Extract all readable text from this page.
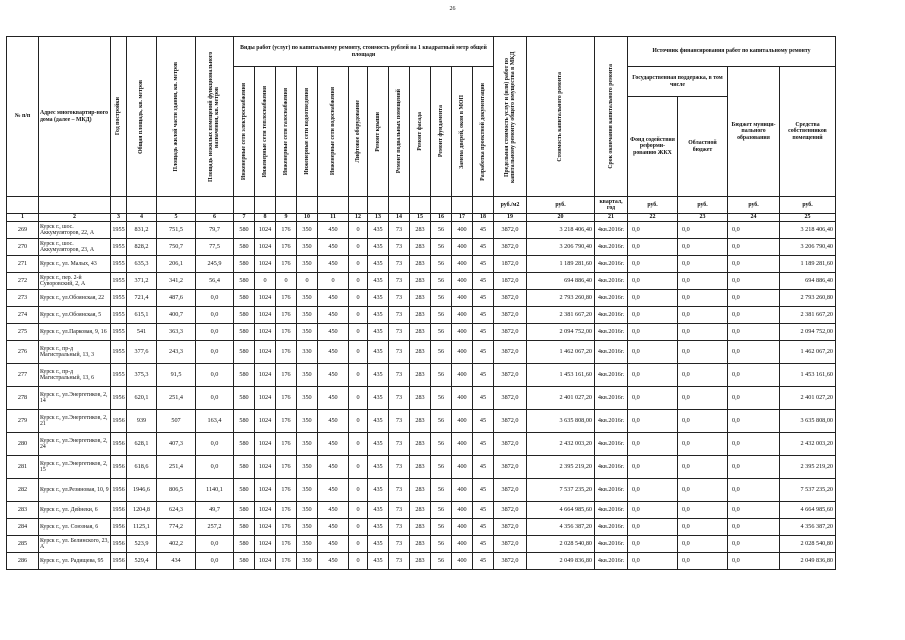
26
№ п/п	Адрес многоквартир-ного дома (далее – МКД)	Год постройки	Общая площадь, кв. метров	Площадь жилой части здания, кв. метров	Площадь нежилых помещений функционального назначения, кв. метров	Виды работ (услуг) по капитальному ремонту, стоимость рублей на 1 квадратный метр общей площади												Предельная стоимость услуг и (или) работ по капитальному ремонту общего имущества в МКД	Стоимость капитального ремонта	Срок окончания капитального ремонта	Источник финансирования работ по капитальному ремонту			

						Инженерные сети электроснабжения	Инженерные сети теплоснабжения	Инженерные сети газоснабжения	Инженерные сети водоотведения	Инженерные сети водоснабжения	Лифтовое оборудование	Ремонт крыши	Ремонт подвальных помещений	Ремонт фасада	Ремонт фундамента	Замена дверей, окон в МОП	Разработка проектной документации				Государственная поддержка, в том числе		Бюджет муници-пального образования	Средства собственников помещений
																					Фонд содействия реформи-рованию ЖКХ	Областной бюджет		
																		руб./м2	руб.	квартал, год	руб.	руб.	руб.	руб.
1	2	3	4	5	6	7	8	9	10	11	12	13	14	15	16	17	18	19	20	21	22	23	24	25
269	Курск г., шос. Аккумуляторов, 22, А	1955	831,2	751,5	79,7	580	1024	176	350	450	0	435	73	283	56	400	45	3872,0	3 218 406,40	4кв.2016г.	0,0	0,0	0,0	3 218 406,40
270	Курск г., шос. Аккумуляторов, 23, А	1955	828,2	750,7	77,5	580	1024	176	350	450	0	435	73	283	56	400	45	3872,0	3 206 790,40	4кв.2016г.	0,0	0,0	0,0	3 206 790,40
271	Курск г., ул. Малых, 43	1955	635,3	206,1	245,9	580	1024	176	350	450	0	435	73	283	56	400	45	1872,0	1 189 281,60	4кв.2016г.	0,0	0,0	0,0	1 189 281,60
272	Курск г., пер. 2-й Суворовский, 2, А	1955	371,2	341,2	56,4	580	0	0	0	0	0	435	73	283	56	400	45	1872,0	694 886,40	4кв.2016г.	0,0	0,0	0,0	694 886,40
273	Курск г., ул.Обоянская, 22	1955	721,4	487,6	0,0	580	1024	176	350	450	0	435	73	283	56	400	45	3872,0	2 793 260,80	4кв.2016г.	0,0	0,0	0,0	2 793 260,80
274	Курск г., ул.Обоянская, 5	1955	615,1	400,7	0,0	580	1024	176	350	450	0	435	73	283	56	400	45	3872,0	2 381 667,20	4кв.2016г.	0,0	0,0	0,0	2 381 667,20
275	Курск г., ул.Парковая, 9, 16	1955	541	363,3	0,0	580	1024	176	350	450	0	435	73	283	56	400	45	3872,0	2 094 752,00	4кв.2016г.	0,0	0,0	0,0	2 094 752,00
276	Курск г., пр-д Магистральный, 13, 3	1955	377,6	243,3	0,0	580	1024	176	330	450	0	435	73	283	56	400	45	3872,0	1 462 067,20	4кв.2016г.	0,0	0,0	0,0	1 462 067,20
277	Курск г., пр-д Магистральный, 13, 6	1955	375,3	91,5	0,0	580	1024	176	350	450	0	435	73	283	56	400	45	3872,0	1 453 161,60	4кв.2016г.	0,0	0,0	0,0	1 453 161,60
278	Курск г., ул.Энергетиков, 2, 14	1956	620,1	251,4	0,0	580	1024	176	350	450	0	435	73	283	56	400	45	3872,0	2 401 027,20	4кв.2016г.	0,0	0,0	0,0	2 401 027,20
279	Курск г., ул.Энергетиков, 2, 21	1956	939	507	163,4	580	1024	176	350	450	0	435	73	283	56	400	45	3872,0	3 635 808,00	4кв.2016г.	0,0	0,0	0,0	3 635 808,00
280	Курск г., ул.Энергетиков, 2, 24	1956	628,1	407,3	0,0	580	1024	176	350	450	0	435	73	283	56	400	45	3872,0	2 432 003,20	4кв.2016г.	0,0	0,0	0,0	2 432 003,20
281	Курск г., ул.Энергетиков, 2, 15	1956	618,6	251,4	0,0	580	1024	176	350	450	0	435	73	283	56	400	45	3872,0	2 395 219,20	4кв.2016г.	0,0	0,0	0,0	2 395 219,20
282	Курск г., ул.Резиновая, 10, 9	1956	1946,6	806,5	1140,1	580	1024	176	350	450	0	435	73	283	56	400	45	3872,0	7 537 235,20	4кв.2016г.	0,0	0,0	0,0	7 537 235,20
283	Курск г., ул. Дейнеки, 6	1956	1204,8	624,3	49,7	580	1024	176	350	450	0	435	73	283	56	400	45	3872,0	4 664 985,60	4кв.2016г.	0,0	0,0	0,0	4 664 985,60
284	Курск г., ул. Союзная, 6	1956	1125,1	774,2	257,2	580	1024	176	350	450	0	435	73	283	56	400	45	3872,0	4 356 387,20	4кв.2016г.	0,0	0,0	0,0	4 356 387,20
285	Курск г., ул. Белинского, 23, А	1956	523,9	402,2	0,0	580	1024	176	350	450	0	435	73	283	56	400	45	3872,0	2 028 540,80	4кв.2016г.	0,0	0,0	0,0	2 028 540,80
286	Курск г., ул. Радищева, 95	1956	529,4	434	0,0	580	1024	176	350	450	0	435	73	283	56	400	45	3872,0	2 049 836,80	4кв.2016г.	0,0	0,0	0,0	2 049 836,80
